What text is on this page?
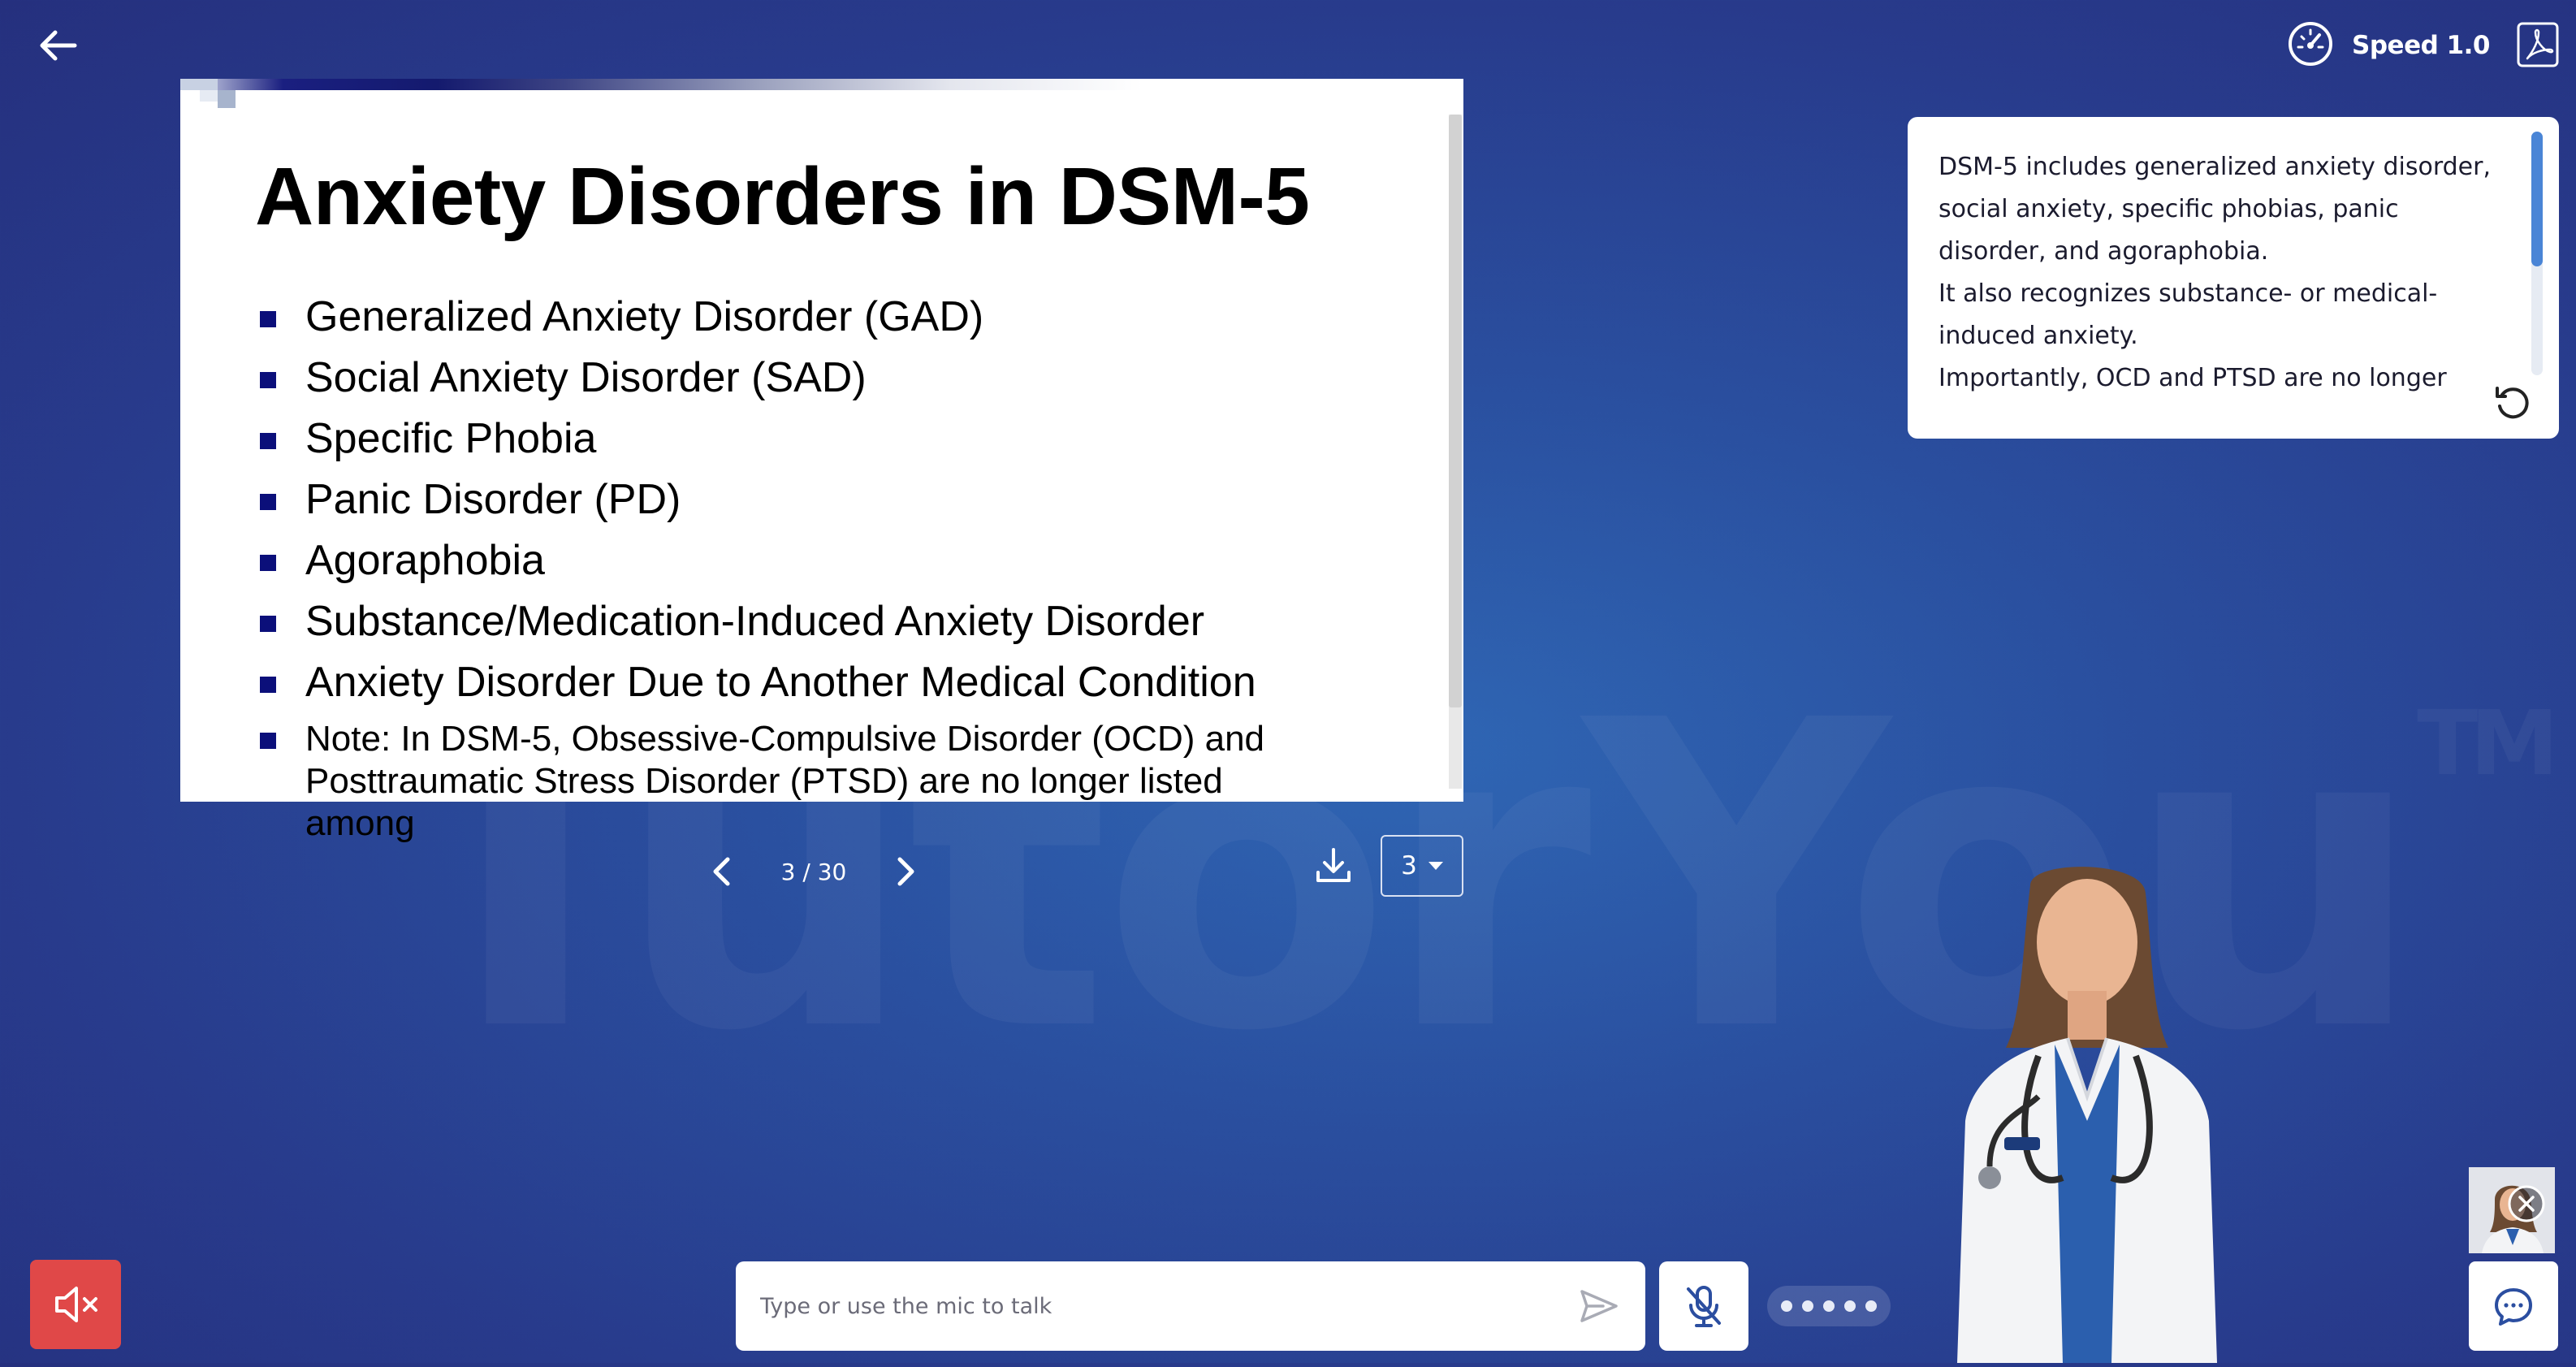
Speed 1.0
Anxiety Disorders in DSM-5
Generalized Anxiety Disorder (GAD)
Social Anxiety Disorder (SAD)
Specific Phobia
Panic Disorder (PD)
Agoraphobia
Substance/Medication-Induced Anxiety Disorder
Anxiety Disorder Due to Another Medical Condition
Note: In DSM-5, Obsessive-Compulsive Disorder (OCD) and Posttraumatic Stress Disorder (PTSD) are no longer listed among
3 / 30	3

DSM-5 includes generalized anxiety disorder, social anxiety, specific phobias, panic disorder, and agoraphobia.

It also recognizes substance- or medical-induced anxiety.

Importantly, OCD and PTSD are no longer

Type or use the mic to talk
